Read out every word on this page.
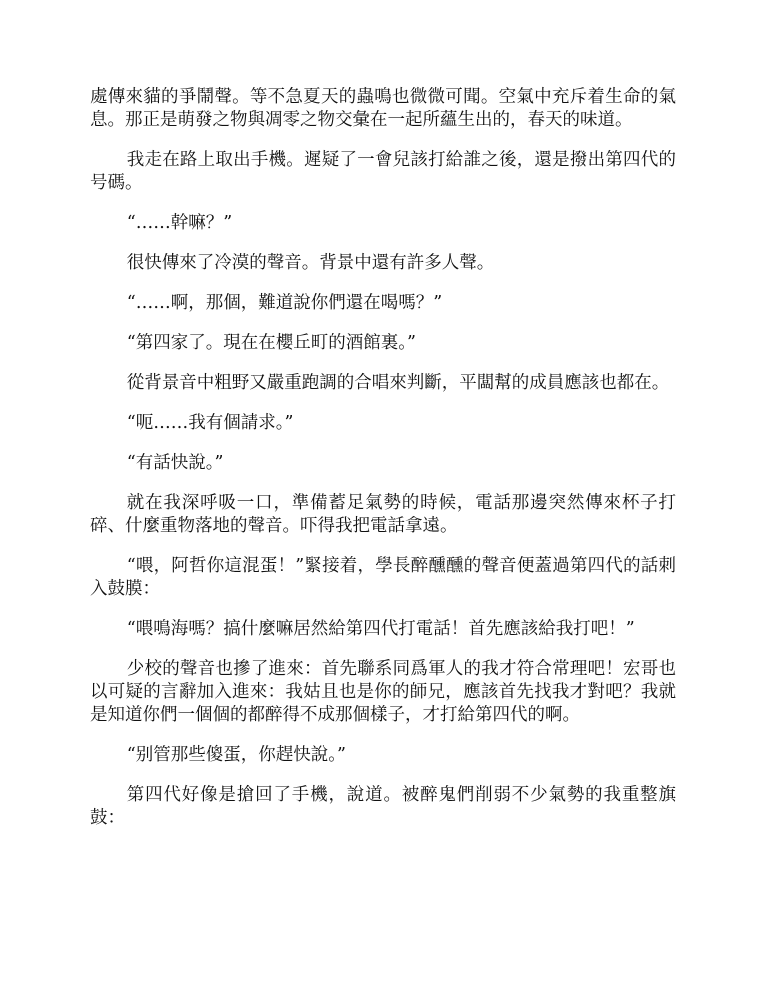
處傳來貓的爭鬧聲。等不急夏天的蟲鳴也微微可聞。空氣中充斥着生命的氣息。那正是萌發之物與凋零之物交彙在一起所蘊生出的，春天的味道。

我走在路上取出手機。遲疑了一會兒該打給誰之後，還是撥出第四代的号碼。

“……幹嘛？”

很快傳來了冷漠的聲音。背景中還有許多人聲。

“……啊，那個，難道說你們還在喝嗎？”

“第四家了。現在在櫻丘町的酒館裏。”

從背景音中粗野又嚴重跑調的合唱來判斷，平闆幫的成員應該也都在。

“呃……我有個請求。”

“有話快說。”

就在我深呼吸一口，準備蓄足氣勢的時候，電話那邊突然傳來杯子打碎、什麼重物落地的聲音。吓得我把電話拿遠。

“喂，阿哲你這混蛋！”緊接着，學長醉醺醺的聲音便蓋過第四代的話刺入鼓膜：

“喂鳴海嗎？搞什麼嘛居然給第四代打電話！首先應該給我打吧！”

少校的聲音也摻了進來：首先聯系同爲軍人的我才符合常理吧！宏哥也以可疑的言辭加入進來：我姑且也是你的師兄，應該首先找我才對吧？我就是知道你們一個個的都醉得不成那個樣子，才打給第四代的啊。

“别管那些傻蛋，你趕快說。”

第四代好像是搶回了手機，說道。被醉鬼們削弱不少氣勢的我重整旗鼓：
